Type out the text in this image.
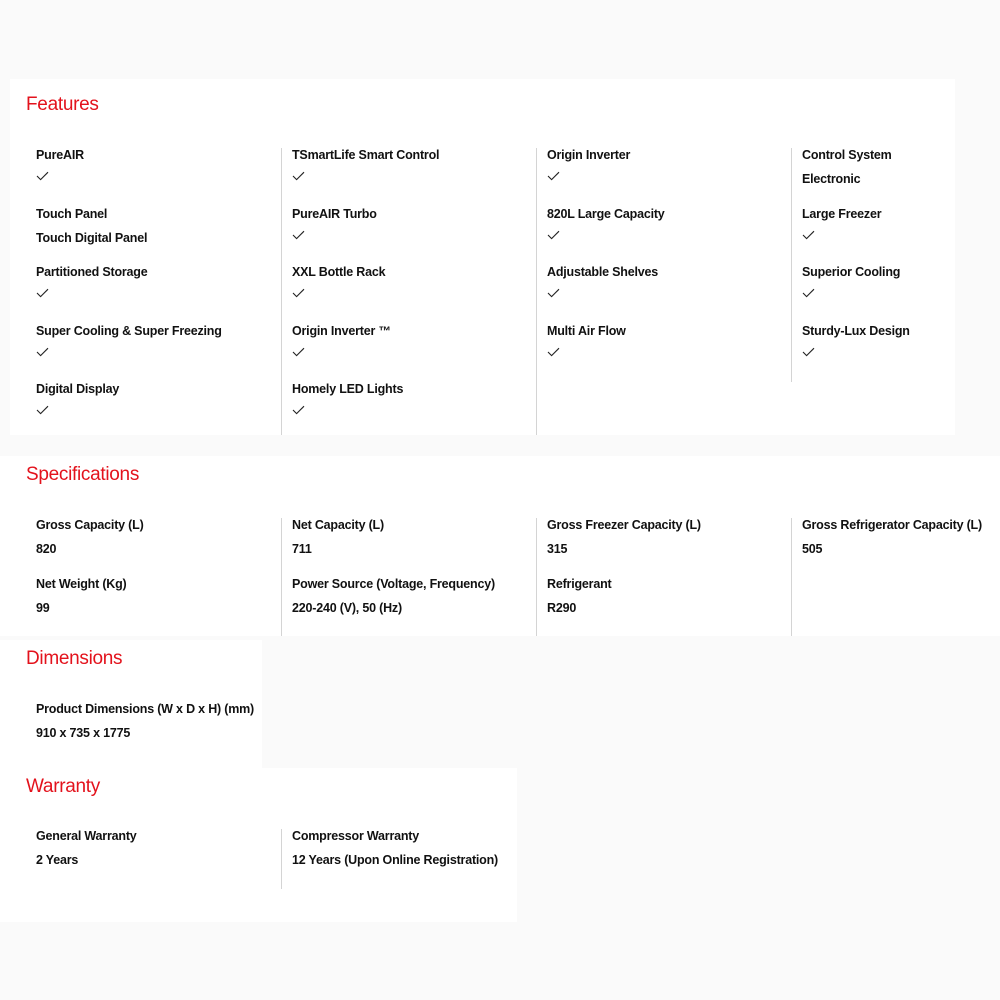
Features
PureAIR
Touch Panel
Touch Digital Panel
Partitioned Storage
Super Cooling & Super Freezing
Digital Display
TSmartLife Smart Control
PureAIR Turbo
XXL Bottle Rack
Origin Inverter ™
Homely LED Lights
Origin Inverter
820L Large Capacity
Adjustable Shelves
Multi Air Flow
Control System
Electronic
Large Freezer
Superior Cooling
Sturdy-Lux Design
Specifications
Gross Capacity (L)
820
Net Weight (Kg)
99
Net Capacity (L)
711
Power Source (Voltage, Frequency)
220-240 (V), 50 (Hz)
Gross Freezer Capacity (L)
315
Refrigerant
R290
Gross Refrigerator Capacity (L)
505
Dimensions
Product Dimensions (W x D x H) (mm)
910 x 735 x 1775
Warranty
General Warranty
2 Years
Compressor Warranty
12 Years (Upon Online Registration)
